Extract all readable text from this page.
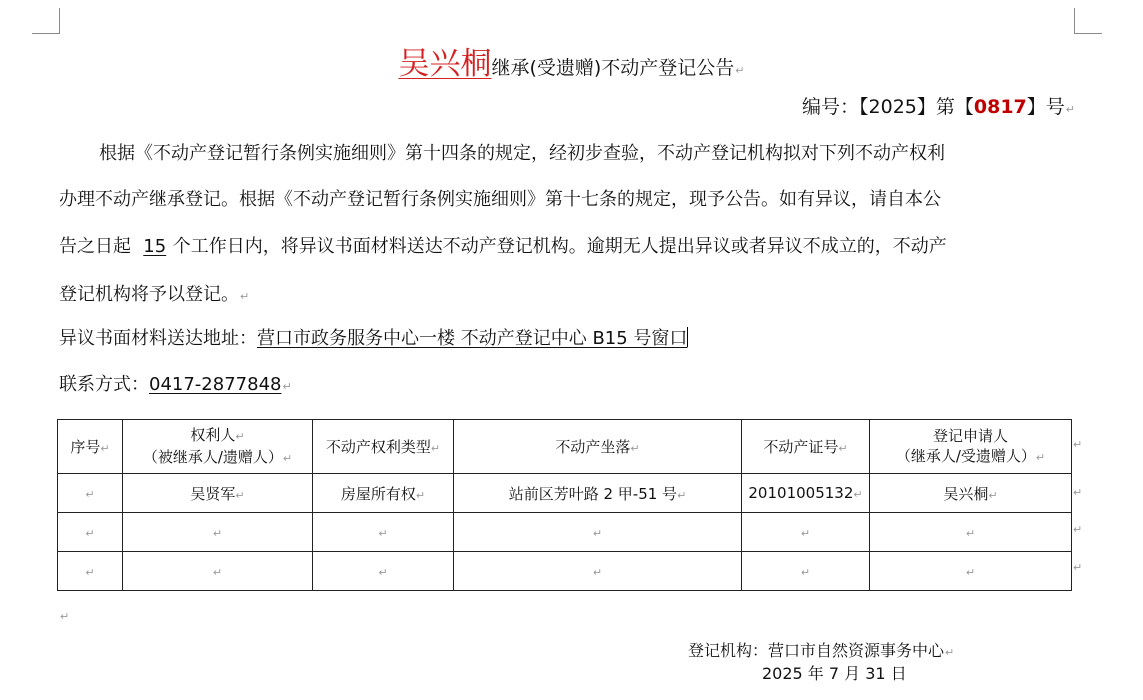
吴兴桐继承(受遗赠)不动产登记公告↵
编号：【2025】第【0817】号↵
根据《不动产登记暂行条例实施细则》第十四条的规定，经初步查验，不动产登记机构拟对下列不动产权利
办理不动产继承登记。根据《不动产登记暂行条例实施细则》第十七条的规定，现予公告。如有异议，请自本公
告之日起 15 个工作日内，将异议书面材料送达不动产登记机构。逾期无人提出异议或者异议不成立的，不动产
登记机构将予以登记。↵
异议书面材料送达地址：营口市政务服务中心一楼 不动产登记中心 B15 号窗口
联系方式：0417-2877848↵
序号↵	权利人↵
（被继承人/遗赠人）↵	不动产权利类型↵	不动产坐落↵	不动产证号↵	登记申请人
（继承人/受遗赠人）↵
↵	吴贤军↵	房屋所有权↵	站前区芳叶路 2 甲-51 号↵	20101005132↵	吴兴桐↵
↵	↵	↵	↵	↵	↵
↵	↵	↵	↵	↵	↵
↵
↵
↵
↵
↵
登记机构：营口市自然资源事务中心↵
2025 年 7 月 31 日
